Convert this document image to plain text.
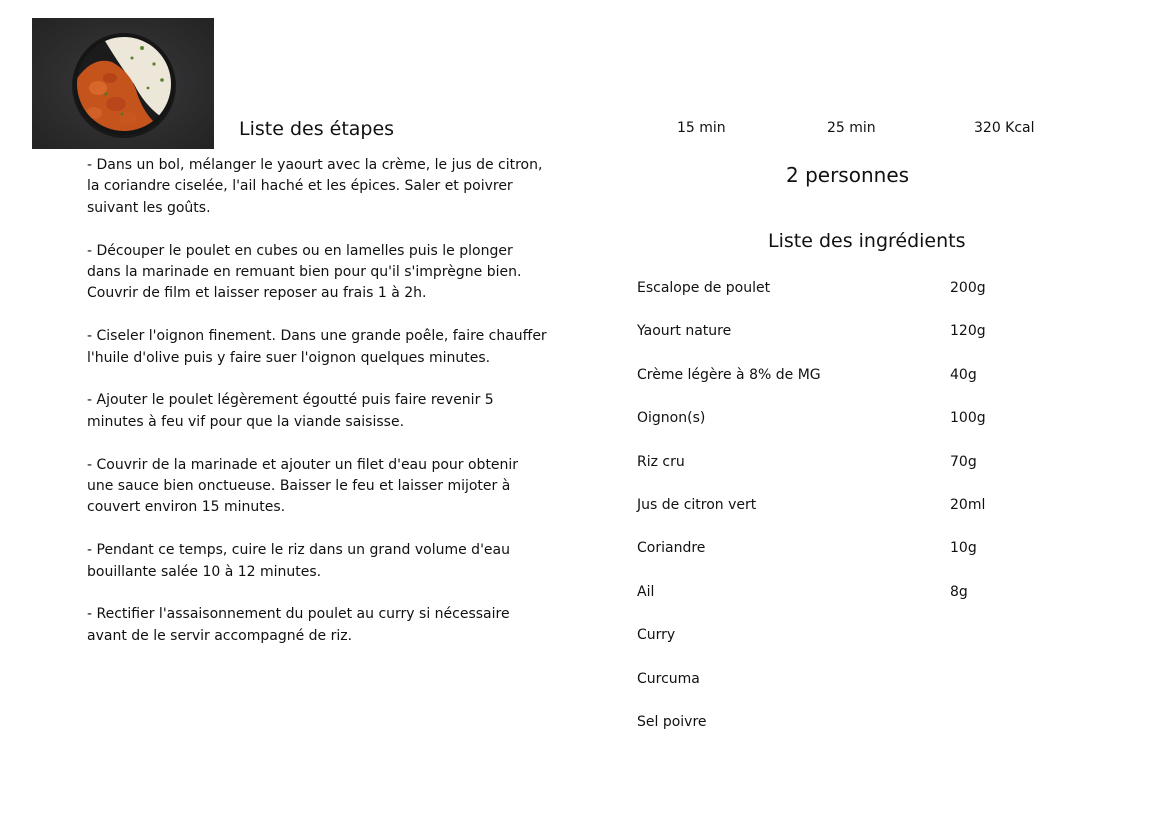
Liste des étapes

- Dans un bol, mélanger le yaourt avec la crème, le jus de citron, la coriandre ciselée, l'ail haché et les épices. Saler et poivrer suivant les goûts.

- Découper le poulet en cubes ou en lamelles puis le plonger dans la marinade en remuant bien pour qu'il s'imprègne bien. Couvrir de film et laisser reposer au frais 1 à 2h.

- Ciseler l'oignon finement. Dans une grande poêle, faire chauffer l'huile d'olive puis y faire suer l'oignon quelques minutes.

- Ajouter le poulet légèrement égoutté puis faire revenir 5 minutes à feu vif pour que la viande saisisse.

- Couvrir de la marinade et ajouter un filet d'eau pour obtenir une sauce bien onctueuse. Baisser le feu et laisser mijoter à couvert environ 15 minutes.

- Pendant ce temps, cuire le riz dans un grand volume d'eau bouillante salée 10 à 12 minutes.

- Rectifier l'assaisonnement du poulet au curry si nécessaire avant de le servir accompagné de riz.

15 min	25 min	320 Kcal
2 personnes
Liste des ingrédients
Escalope de poulet	200g
Yaourt nature	120g
Crème légère à 8% de MG	40g
Oignon(s)	100g
Riz cru	70g
Jus de citron vert	20ml
Coriandre	10g
Ail	8g
Curry
Curcuma
Sel poivre
